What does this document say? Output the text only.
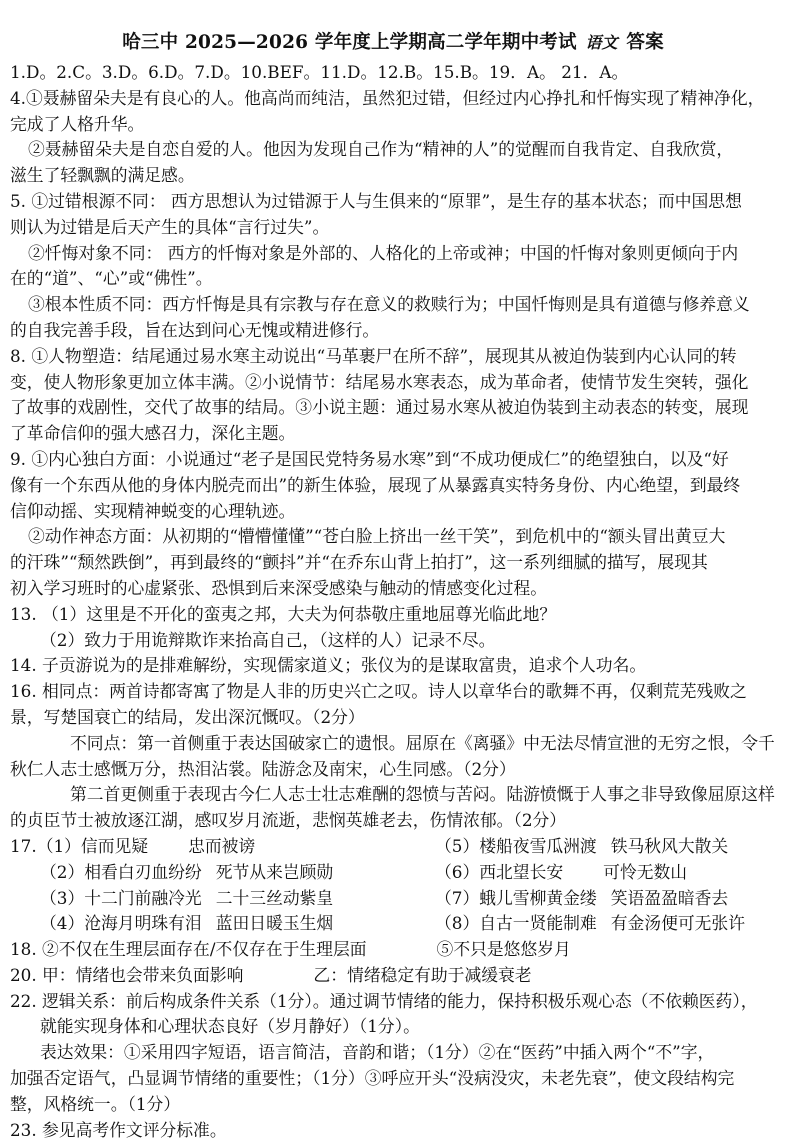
哈三中 2025—2026 学年度上学期高二学年期中考试 语文 答案
1.D。2.C。3.D。6.D。7.D。10.BEF。11.D。12.B。15.B。19．A。 21．A。
4.①聂赫留朵夫是有良心的人。他高尚而纯洁，虽然犯过错，但经过内心挣扎和忏悔实现了精神净化，
完成了人格升华。
②聂赫留朵夫是自恋自爱的人。他因为发现自己作为“精神的人”的觉醒而自我肯定、自我欣赏，
滋生了轻飘飘的满足感。
5. ①过错根源不同： 西方思想认为过错源于人与生俱来的“原罪”，是生存的基本状态；而中国思想
则认为过错是后天产生的具体“言行过失”。
②忏悔对象不同： 西方的忏悔对象是外部的、人格化的上帝或神；中国的忏悔对象则更倾向于内
在的“道”、“心”或“佛性”。
③根本性质不同：西方忏悔是具有宗教与存在意义的救赎行为；中国忏悔则是具有道德与修养意义
的自我完善手段，旨在达到问心无愧或精进修行。
8. ①人物塑造：结尾通过易水寒主动说出“马革裹尸在所不辞”，展现其从被迫伪装到内心认同的转
变，使人物形象更加立体丰满。②小说情节：结尾易水寒表态，成为革命者，使情节发生突转，强化
了故事的戏剧性，交代了故事的结局。③小说主题：通过易水寒从被迫伪装到主动表态的转变，展现
了革命信仰的强大感召力，深化主题。
9. ①内心独白方面：小说通过“老子是国民党特务易水寒”到“不成功便成仁”的绝望独白，以及“好
像有一个东西从他的身体内脱壳而出”的新生体验，展现了从暴露真实特务身份、内心绝望，到最终
信仰动摇、实现精神蜕变的心理轨迹。
②动作神态方面：从初期的“懵懵懂懂”“苍白脸上挤出一丝干笑”，到危机中的“额头冒出黄豆大
的汗珠”“颓然跌倒”，再到最终的“颤抖”并“在乔东山背上拍打”，这一系列细腻的描写，展现其
初入学习班时的心虚紧张、恐惧到后来深受感染与触动的情感变化过程。
13. （1）这里是不开化的蛮夷之邦，大夫为何恭敬庄重地屈尊光临此地？
（2）致力于用诡辩欺诈来抬高自己，（这样的人）记录不尽。
14. 子贡游说为的是排难解纷，实现儒家道义；张仪为的是谋取富贵，追求个人功名。
16. 相同点：两首诗都寄寓了物是人非的历史兴亡之叹。诗人以章华台的歌舞不再，仅剩荒芜残败之
景，写楚国衰亡的结局，发出深沉慨叹。（2分）
不同点：第一首侧重于表达国破家亡的遗恨。屈原在《离骚》中无法尽情宣泄的无穷之恨，令千
秋仁人志士感慨万分，热泪沾裳。陆游念及南宋，心生同感。（2分）
第二首更侧重于表现古今仁人志士壮志难酬的怨愤与苦闷。陆游愤慨于人事之非导致像屈原这样
的贞臣节士被放逐江湖，感叹岁月流逝，悲悯英雄老去，伤情浓郁。（2分）
17.（1）信而见疑 忠而被谤	（5）楼船夜雪瓜洲渡 铁马秋风大散关
（2）相看白刃血纷纷 死节从来岂顾勋	（6）西北望长安 可怜无数山
（3）十二门前融冷光 二十三丝动紫皇	（7）蛾儿雪柳黄金缕 笑语盈盈暗香去
（4）沧海月明珠有泪 蓝田日暖玉生烟	（8）自古一贤能制难 有金汤便可无张许
18. ②不仅在生理层面存在/不仅存在于生理层面	⑤不只是悠悠岁月
20. 甲：情绪也会带来负面影响	乙：情绪稳定有助于减缓衰老
22. 逻辑关系：前后构成条件关系（1分）。通过调节情绪的能力，保持积极乐观心态（不依赖医药），
就能实现身体和心理状态良好（岁月静好）（1分）。
表达效果：①采用四字短语，语言简洁，音韵和谐；（1分）②在“医药”中插入两个“不”字，
加强否定语气，凸显调节情绪的重要性；（1分）③呼应开头“没病没灾，未老先衰”，使文段结构完
整，风格统一。（1分）
23. 参见高考作文评分标准。
